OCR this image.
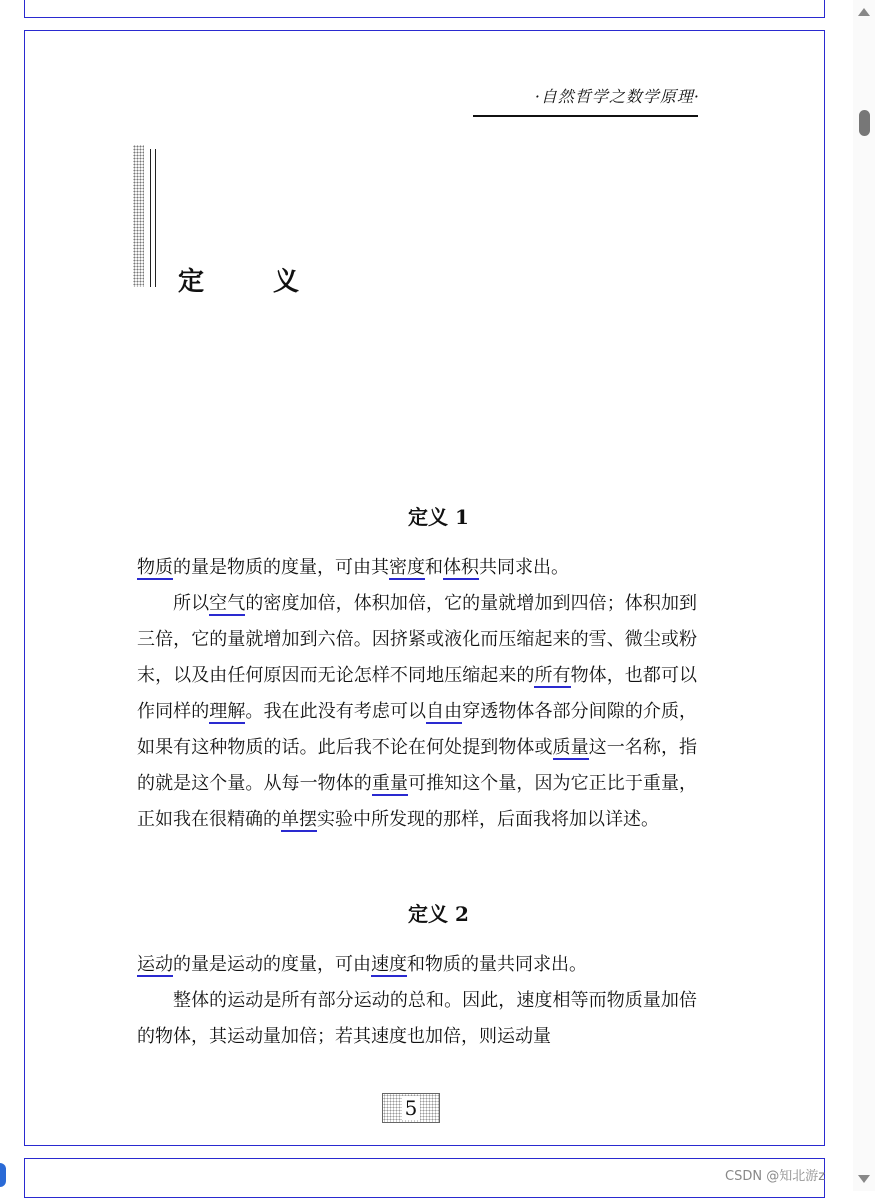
·自然哲学之数学原理·
定 义
定义 1

物质的量是物质的度量，可由其密度和体积共同求出。

所以空气的密度加倍，体积加倍，它的量就增加到四倍；体积加到三倍，它的量就增加到六倍。因挤紧或液化而压缩起来的雪、微尘或粉末，以及由任何原因而无论怎样不同地压缩起来的所有物体，也都可以作同样的理解。我在此没有考虑可以自由穿透物体各部分间隙的介质，如果有这种物质的话。此后我不论在何处提到物体或质量这一名称，指的就是这个量。从每一物体的重量可推知这个量，因为它正比于重量，正如我在很精确的单摆实验中所发现的那样，后面我将加以详述。

定义 2

运动的量是运动的度量，可由速度和物质的量共同求出。

整体的运动是所有部分运动的总和。因此，速度相等而物质量加倍的物体，其运动量加倍；若其速度也加倍，则运动量

5
CSDN @知北游z
